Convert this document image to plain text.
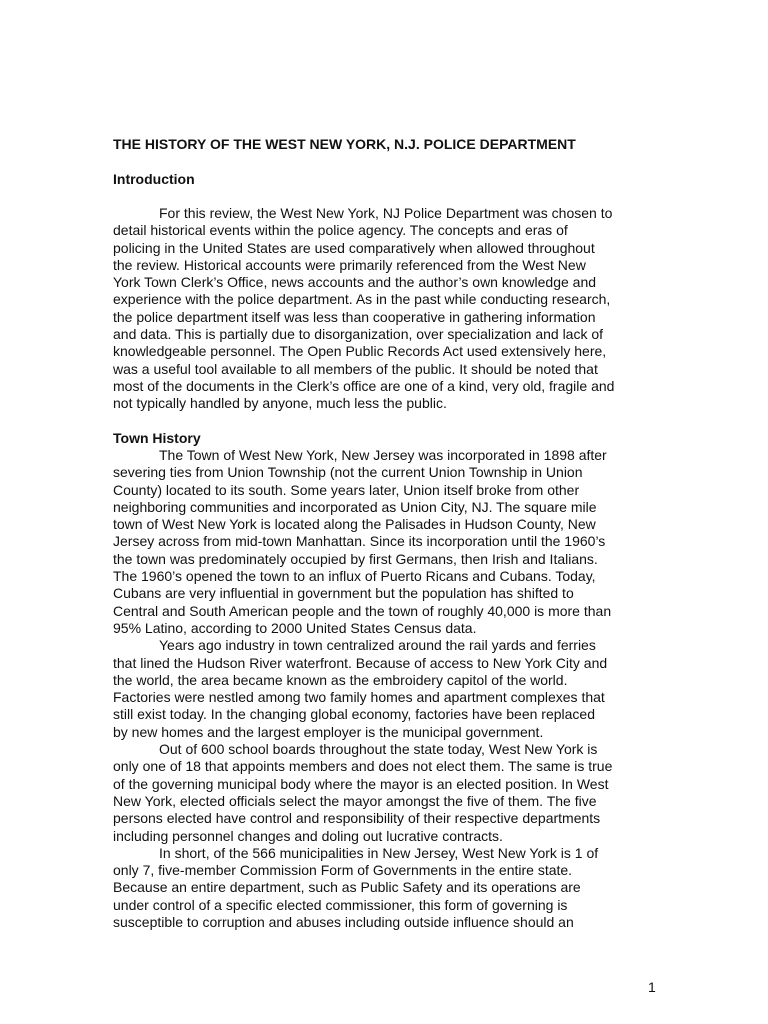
THE HISTORY OF THE WEST NEW YORK, N.J. POLICE DEPARTMENT
Introduction
For this review, the West New York, NJ Police Department was chosen to
detail historical events within the police agency. The concepts and eras of
policing in the United States are used comparatively when allowed throughout
the review. Historical accounts were primarily referenced from the West New
York Town Clerk’s Office, news accounts and the author’s own knowledge and
experience with the police department. As in the past while conducting research,
the police department itself was less than cooperative in gathering information
and data. This is partially due to disorganization, over specialization and lack of
knowledgeable personnel. The Open Public Records Act used extensively here,
was a useful tool available to all members of the public. It should be noted that
most of the documents in the Clerk’s office are one of a kind, very old, fragile and
not typically handled by anyone, much less the public.
Town History
The Town of West New York, New Jersey was incorporated in 1898 after
severing ties from Union Township (not the current Union Township in Union
County) located to its south. Some years later, Union itself broke from other
neighboring communities and incorporated as Union City, NJ. The square mile
town of West New York is located along the Palisades in Hudson County, New
Jersey across from mid-town Manhattan. Since its incorporation until the 1960’s
the town was predominately occupied by first Germans, then Irish and Italians.
The 1960’s opened the town to an influx of Puerto Ricans and Cubans. Today,
Cubans are very influential in government but the population has shifted to
Central and South American people and the town of roughly 40,000 is more than
95% Latino, according to 2000 United States Census data.
Years ago industry in town centralized around the rail yards and ferries
that lined the Hudson River waterfront. Because of access to New York City and
the world, the area became known as the embroidery capitol of the world.
Factories were nestled among two family homes and apartment complexes that
still exist today. In the changing global economy, factories have been replaced
by new homes and the largest employer is the municipal government.
Out of 600 school boards throughout the state today, West New York is
only one of 18 that appoints members and does not elect them. The same is true
of the governing municipal body where the mayor is an elected position. In West
New York, elected officials select the mayor amongst the five of them. The five
persons elected have control and responsibility of their respective departments
including personnel changes and doling out lucrative contracts.
In short, of the 566 municipalities in New Jersey, West New York is 1 of
only 7, five-member Commission Form of Governments in the entire state.
Because an entire department, such as Public Safety and its operations are
under control of a specific elected commissioner, this form of governing is
susceptible to corruption and abuses including outside influence should an

1
